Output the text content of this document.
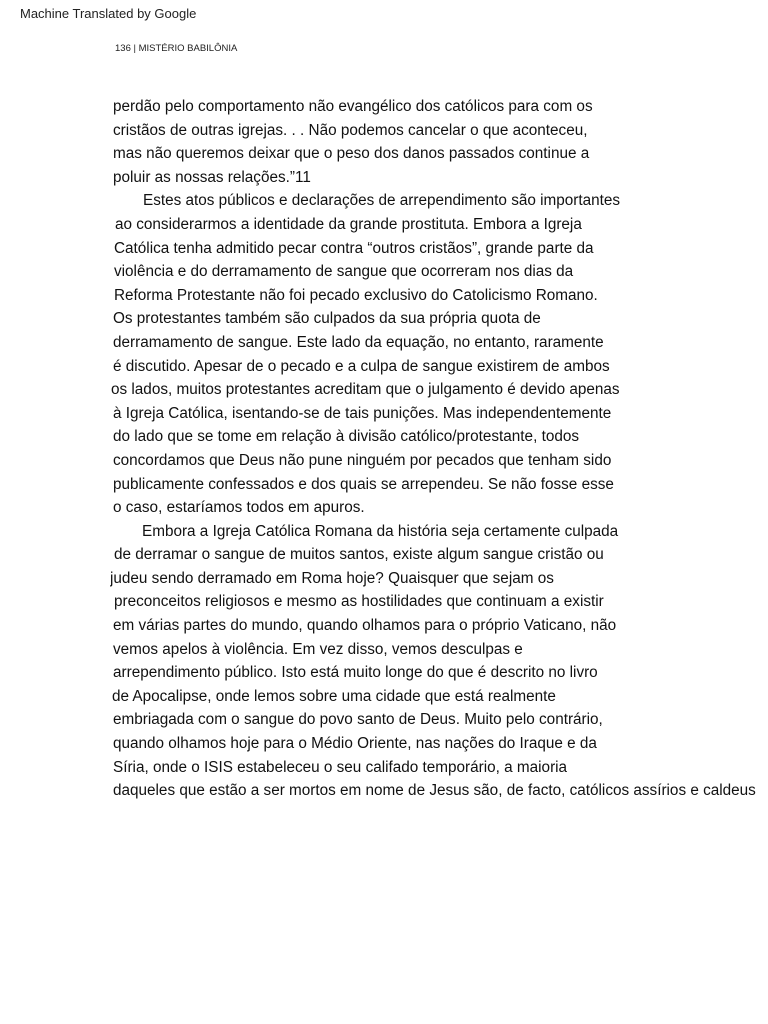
Machine Translated by Google
136 | MISTÉRIO BABILÔNIA
perdão pelo comportamento não evangélico dos católicos para com os
cristãos de outras igrejas. . . Não podemos cancelar o que aconteceu,
mas não queremos deixar que o peso dos danos passados continue a
poluir as nossas relações.”11
Estes atos públicos e declarações de arrependimento são importantes
ao considerarmos a identidade da grande prostituta. Embora a Igreja
Católica tenha admitido pecar contra “outros cristãos”, grande parte da
violência e do derramamento de sangue que ocorreram nos dias da
Reforma Protestante não foi pecado exclusivo do Catolicismo Romano.
Os protestantes também são culpados da sua própria quota de
derramamento de sangue. Este lado da equação, no entanto, raramente
é discutido. Apesar de o pecado e a culpa de sangue existirem de ambos
os lados, muitos protestantes acreditam que o julgamento é devido apenas
à Igreja Católica, isentando-se de tais punições. Mas independentemente
do lado que se tome em relação à divisão católico/protestante, todos
concordamos que Deus não pune ninguém por pecados que tenham sido
publicamente confessados e dos quais se arrependeu. Se não fosse esse
o caso, estaríamos todos em apuros.
Embora a Igreja Católica Romana da história seja certamente culpada
de derramar o sangue de muitos santos, existe algum sangue cristão ou
judeu sendo derramado em Roma hoje? Quaisquer que sejam os
preconceitos religiosos e mesmo as hostilidades que continuam a existir
em várias partes do mundo, quando olhamos para o próprio Vaticano, não
vemos apelos à violência. Em vez disso, vemos desculpas e
arrependimento público. Isto está muito longe do que é descrito no livro
de Apocalipse, onde lemos sobre uma cidade que está realmente
embriagada com o sangue do povo santo de Deus. Muito pelo contrário,
quando olhamos hoje para o Médio Oriente, nas nações do Iraque e da
Síria, onde o ISIS estabeleceu o seu califado temporário, a maioria
daqueles que estão a ser mortos em nome de Jesus são, de facto, católicos assírios e caldeus
